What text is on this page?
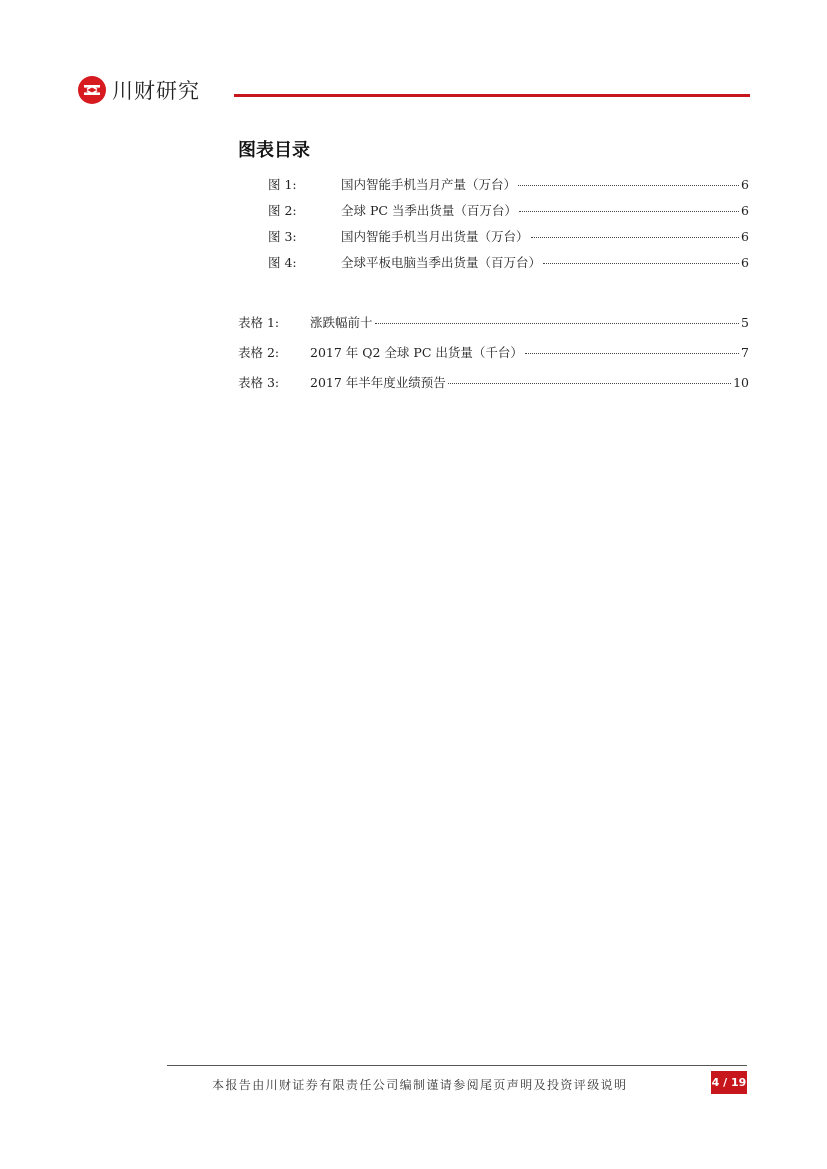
川财研究
图表目录
图 1:	国内智能手机当月产量（万台）	6
图 2:	全球 PC 当季出货量（百万台）	6
图 3:	国内智能手机当月出货量（万台）	6
图 4:	全球平板电脑当季出货量（百万台）	6
表格 1:	涨跌幅前十	5
表格 2:	2017 年 Q2 全球 PC 出货量（千台）	7
表格 3:	2017 年半年度业绩预告	10
本报告由川财证券有限责任公司编制谨请参阅尾页声明及投资评级说明	4 / 19
